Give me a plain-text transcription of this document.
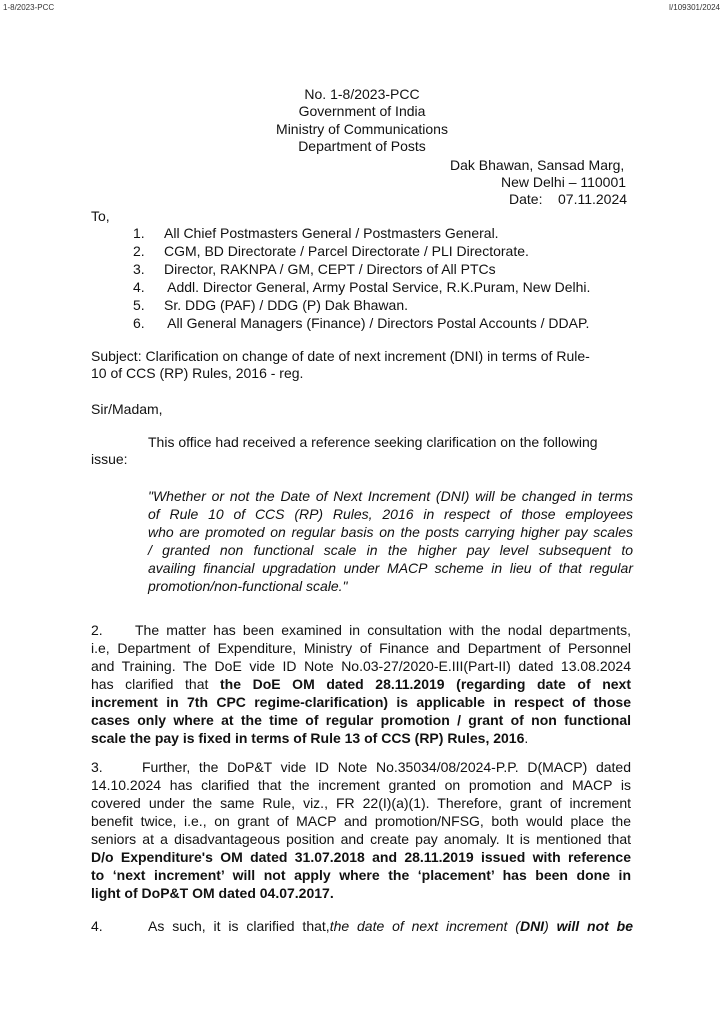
1-8/2023-PCC	I/109301/2024
No. 1-8/2023-PCC
Government of India
Ministry of Communications
Department of Posts
Dak Bhawan, Sansad Marg,
New Delhi – 110001
Date: 07.11.2024
To,
1. All Chief Postmasters General / Postmasters General.
2. CGM, BD Directorate / Parcel Directorate / PLI Directorate.
3. Director, RAKNPA / GM, CEPT / Directors of All PTCs
4. Addl. Director General, Army Postal Service, R.K.Puram, New Delhi.
5. Sr. DDG (PAF) / DDG (P) Dak Bhawan.
6. All General Managers (Finance) / Directors Postal Accounts / DDAP.
Subject: Clarification on change of date of next increment (DNI) in terms of Rule-
10 of CCS (RP) Rules, 2016 - reg.
Sir/Madam,
This office had received a reference seeking clarification on the following
issue:
"Whether or not the Date of Next Increment (DNI) will be changed in terms
of Rule 10 of CCS (RP) Rules, 2016 in respect of those employees
who are promoted on regular basis on the posts carrying higher pay scales
/ granted non functional scale in the higher pay level subsequent to
availing financial upgradation under MACP scheme in lieu of that regular
promotion/non-functional scale."
2.	The matter has been examined in consultation with the nodal departments,
i.e, Department of Expenditure, Ministry of Finance and Department of Personnel
and Training. The DoE vide ID Note No.03-27/2020-E.III(Part-II) dated 13.08.2024
has clarified that the DoE OM dated 28.11.2019 (regarding date of next
increment in 7th CPC regime-clarification) is applicable in respect of those
cases only where at the time of regular promotion / grant of non functional
scale the pay is fixed in terms of Rule 13 of CCS (RP) Rules, 2016.
3.	Further, the DoP&T vide ID Note No.35034/08/2024-P.P. D(MACP) dated
14.10.2024 has clarified that the increment granted on promotion and MACP is
covered under the same Rule, viz., FR 22(I)(a)(1). Therefore, grant of increment
benefit twice, i.e., on grant of MACP and promotion/NFSG, both would place the
seniors at a disadvantageous position and create pay anomaly. It is mentioned that
D/o Expenditure's OM dated 31.07.2018 and 28.11.2019 issued with reference
to ‘next increment’ will not apply where the ‘placement’ has been done in
light of DoP&T OM dated 04.07.2017.
4.	As such, it is clarified that,the date of next increment (DNI) will not be
